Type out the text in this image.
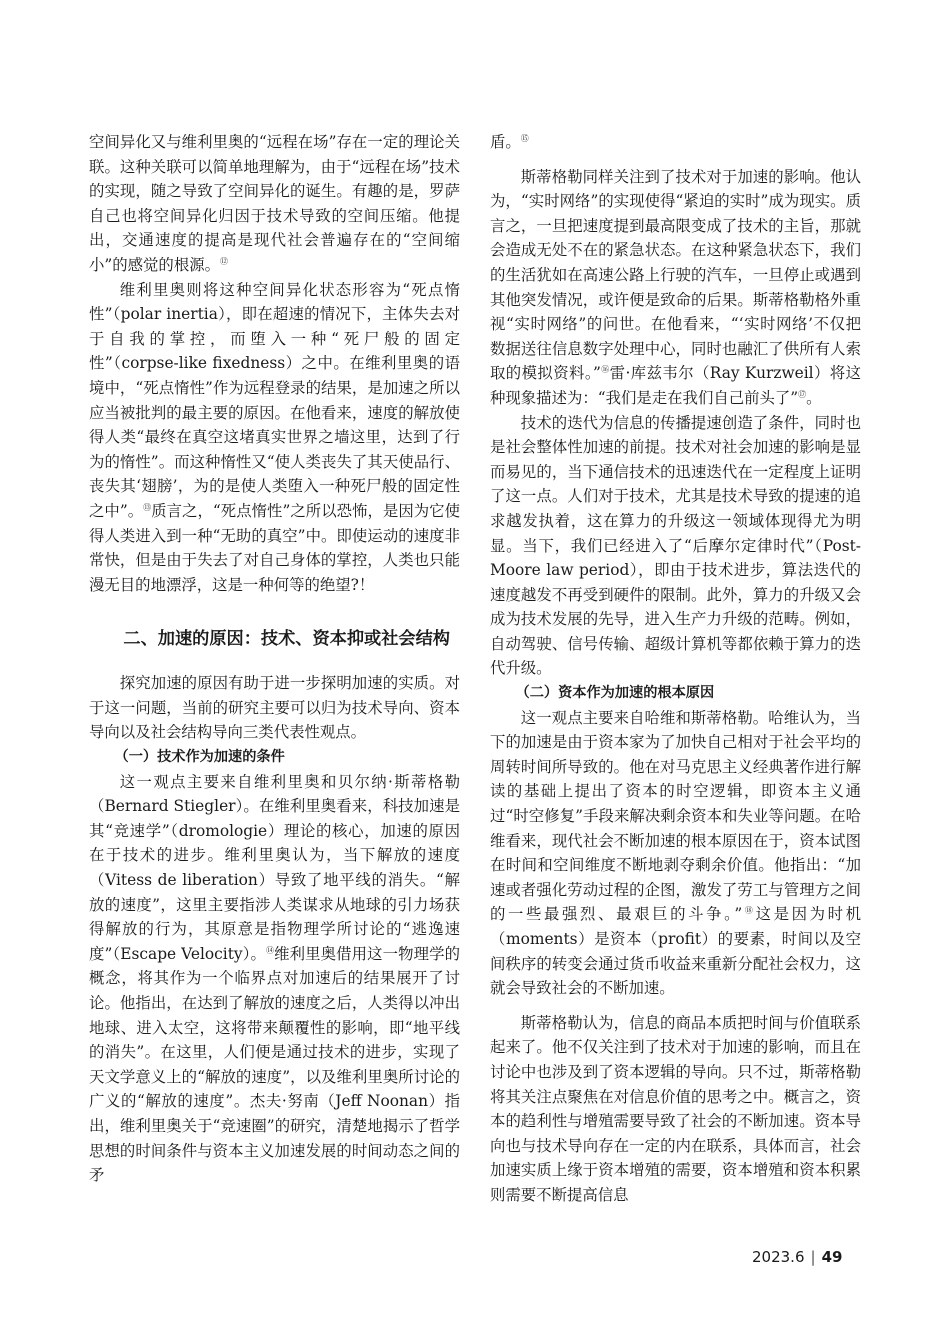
空间异化又与维利里奥的“远程在场”存在一定的理论关联。这种关联可以简单地理解为，由于“远程在场”技术的实现，随之导致了空间异化的诞生。有趣的是，罗萨自己也将空间异化归因于技术导致的空间压缩。他提出，交通速度的提高是现代社会普遍存在的“空间缩小”的感觉的根源。⑫

维利里奥则将这种空间异化状态形容为“死点惰性”（polar inertia），即在超速的情况下，主体失去对于自我的掌控，而堕入一种“死尸般的固定性”（corpse-like fixedness）之中。在维利里奥的语境中，“死点惰性”作为远程登录的结果，是加速之所以应当被批判的最主要的原因。在他看来，速度的解放使得人类“最终在真空这堵真实世界之墙这里，达到了行为的惰性”。而这种惰性又“使人类丧失了其天使品行、丧失其‘翅膀’，为的是使人类堕入一种死尸般的固定性之中”。⑬质言之，“死点惰性”之所以恐怖，是因为它使得人类进入到一种“无助的真空”中。即使运动的速度非常快，但是由于失去了对自己身体的掌控，人类也只能漫无目的地漂浮，这是一种何等的绝望?！

二、加速的原因：技术、资本抑或社会结构

探究加速的原因有助于进一步探明加速的实质。对于这一问题，当前的研究主要可以归为技术导向、资本导向以及社会结构导向三类代表性观点。

（一）技术作为加速的条件

这一观点主要来自维利里奥和贝尔纳·斯蒂格勒（Bernard Stiegler）。在维利里奥看来，科技加速是其“竞速学”（dromologie）理论的核心，加速的原因在于技术的进步。维利里奥认为，当下解放的速度（Vitess de liberation）导致了地平线的消失。“解放的速度”，这里主要指涉人类谋求从地球的引力场获得解放的行为，其原意是指物理学所讨论的“逃逸速度”（Escape Velocity）。⑭维利里奥借用这一物理学的概念，将其作为一个临界点对加速后的结果展开了讨论。他指出，在达到了解放的速度之后，人类得以冲出地球、进入太空，这将带来颠覆性的影响，即“地平线的消失”。在这里，人们便是通过技术的进步，实现了天文学意义上的“解放的速度”，以及维利里奥所讨论的广义的“解放的速度”。杰夫·努南（Jeff Noonan）指出，维利里奥关于“竞速圈”的研究，清楚地揭示了哲学思想的时间条件与资本主义加速发展的时间动态之间的矛

盾。⑮

斯蒂格勒同样关注到了技术对于加速的影响。他认为，“实时网络”的实现使得“紧迫的实时”成为现实。质言之，一旦把速度提到最高限变成了技术的主旨，那就会造成无处不在的紧急状态。在这种紧急状态下，我们的生活犹如在高速公路上行驶的汽车，一旦停止或遇到其他突发情况，或许便是致命的后果。斯蒂格勒格外重视“实时网络”的问世。在他看来，“‘实时网络’不仅把数据送往信息数字处理中心，同时也融汇了供所有人索取的模拟资料。”⑯雷·库兹韦尔（Ray Kurzweil）将这种现象描述为：“我们是走在我们自己前头了”⑰。

技术的迭代为信息的传播提速创造了条件，同时也是社会整体性加速的前提。技术对社会加速的影响是显而易见的，当下通信技术的迅速迭代在一定程度上证明了这一点。人们对于技术，尤其是技术导致的提速的追求越发执着，这在算力的升级这一领域体现得尤为明显。当下，我们已经进入了“后摩尔定律时代”（Post-Moore law period），即由于技术进步，算法迭代的速度越发不再受到硬件的限制。此外，算力的升级又会成为技术发展的先导，进入生产力升级的范畴。例如，自动驾驶、信号传输、超级计算机等都依赖于算力的迭代升级。

（二）资本作为加速的根本原因

这一观点主要来自哈维和斯蒂格勒。哈维认为，当下的加速是由于资本家为了加快自己相对于社会平均的周转时间所导致的。他在对马克思主义经典著作进行解读的基础上提出了资本的时空逻辑，即资本主义通过“时空修复”手段来解决剩余资本和失业等问题。在哈维看来，现代社会不断加速的根本原因在于，资本试图在时间和空间维度不断地剥夺剩余价值。他指出：“加速或者强化劳动过程的企图，激发了劳工与管理方之间的一些最强烈、最艰巨的斗争。”⑱这是因为时机（moments）是资本（profit）的要素，时间以及空间秩序的转变会通过货币收益来重新分配社会权力，这就会导致社会的不断加速。

斯蒂格勒认为，信息的商品本质把时间与价值联系起来了。他不仅关注到了技术对于加速的影响，而且在讨论中也涉及到了资本逻辑的导向。只不过，斯蒂格勒将其关注点聚焦在对信息价值的思考之中。概言之，资本的趋利性与增殖需要导致了社会的不断加速。资本导向也与技术导向存在一定的内在联系，具体而言，社会加速实质上缘于资本增殖的需要，资本增殖和资本积累则需要不断提高信息

2023.6 | 49
